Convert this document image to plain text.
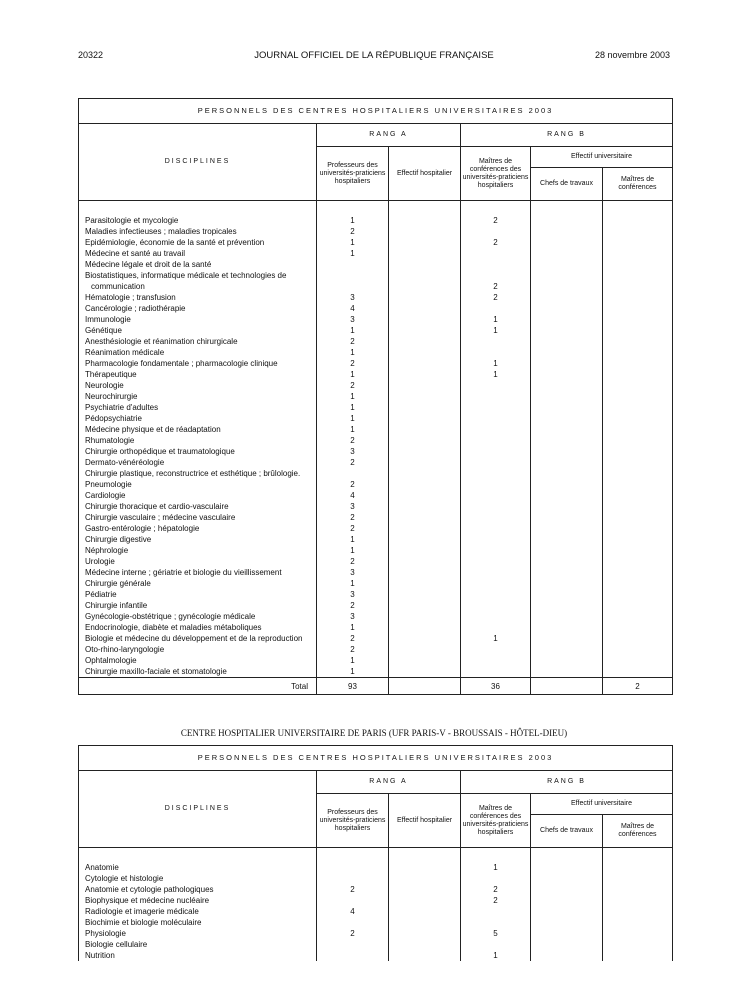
20322	JOURNAL OFFICIEL DE LA RÉPUBLIQUE FRANÇAISE	28 novembre 2003
PERSONNELS DES CENTRES HOSPITALIERS UNIVERSITAIRES 2003					
DISCIPLINES	RANG A		RANG B		
	Professeurs des universités-praticiens hospitaliers	Effectif hospitalier	Maîtres de conférences des universités-praticiens hospitaliers	Effectif universitaire	
				Chefs de travaux	Maîtres de conférences

Parasitologie et mycologie	1		2		
Maladies infectieuses ; maladies tropicales	2				
Epidémiologie, économie de la santé et prévention	1		2		
Médecine et santé au travail	1				
Médecine légale et droit de la santé					
Biostatistiques, informatique médicale et technologies de					
communication			2		
Hématologie ; transfusion	3		2		
Cancérologie ; radiothérapie	4				
Immunologie	3		1		
Génétique	1		1		
Anesthésiologie et réanimation chirurgicale	2				
Réanimation médicale	1				
Pharmacologie fondamentale ; pharmacologie clinique	2		1		
Thérapeutique	1		1		
Neurologie	2				
Neurochirurgie	1				
Psychiatrie d'adultes	1				
Pédopsychiatrie	1				
Médecine physique et de réadaptation	1				
Rhumatologie	2				
Chirurgie orthopédique et traumatologique	3				
Dermato-vénéréologie	2				
Chirurgie plastique, reconstructrice et esthétique ; brûlologie.					
Pneumologie	2				
Cardiologie	4				
Chirurgie thoracique et cardio-vasculaire	3				
Chirurgie vasculaire ; médecine vasculaire	2				
Gastro-entérologie ; hépatologie	2				
Chirurgie digestive	1				
Néphrologie	1				
Urologie	2				
Médecine interne ; gériatrie et biologie du vieillissement	3				
Chirurgie générale	1				
Pédiatrie	3				
Chirurgie infantile	2				
Gynécologie-obstétrique ; gynécologie médicale	3				
Endocrinologie, diabète et maladies métaboliques	1				
Biologie et médecine du développement et de la reproduction	2		1		
Oto-rhino-laryngologie	2				
Ophtalmologie	1				
Chirurgie maxillo-faciale et stomatologie	1				
Total	93		36		2
CENTRE HOSPITALIER UNIVERSITAIRE DE PARIS (UFR PARIS-V - BROUSSAIS - HÔTEL-DIEU)
PERSONNELS DES CENTRES HOSPITALIERS UNIVERSITAIRES 2003					
DISCIPLINES	RANG A		RANG B		
	Professeurs des universités-praticiens hospitaliers	Effectif hospitalier	Maîtres de conférences des universités-praticiens hospitaliers	Effectif universitaire	
				Chefs de travaux	Maîtres de conférences

Anatomie			1		
Cytologie et histologie					
Anatomie et cytologie pathologiques	2		2		
Biophysique et médecine nucléaire			2		
Radiologie et imagerie médicale	4				
Biochimie et biologie moléculaire					
Physiologie	2		5		
Biologie cellulaire					
Nutrition			1		
